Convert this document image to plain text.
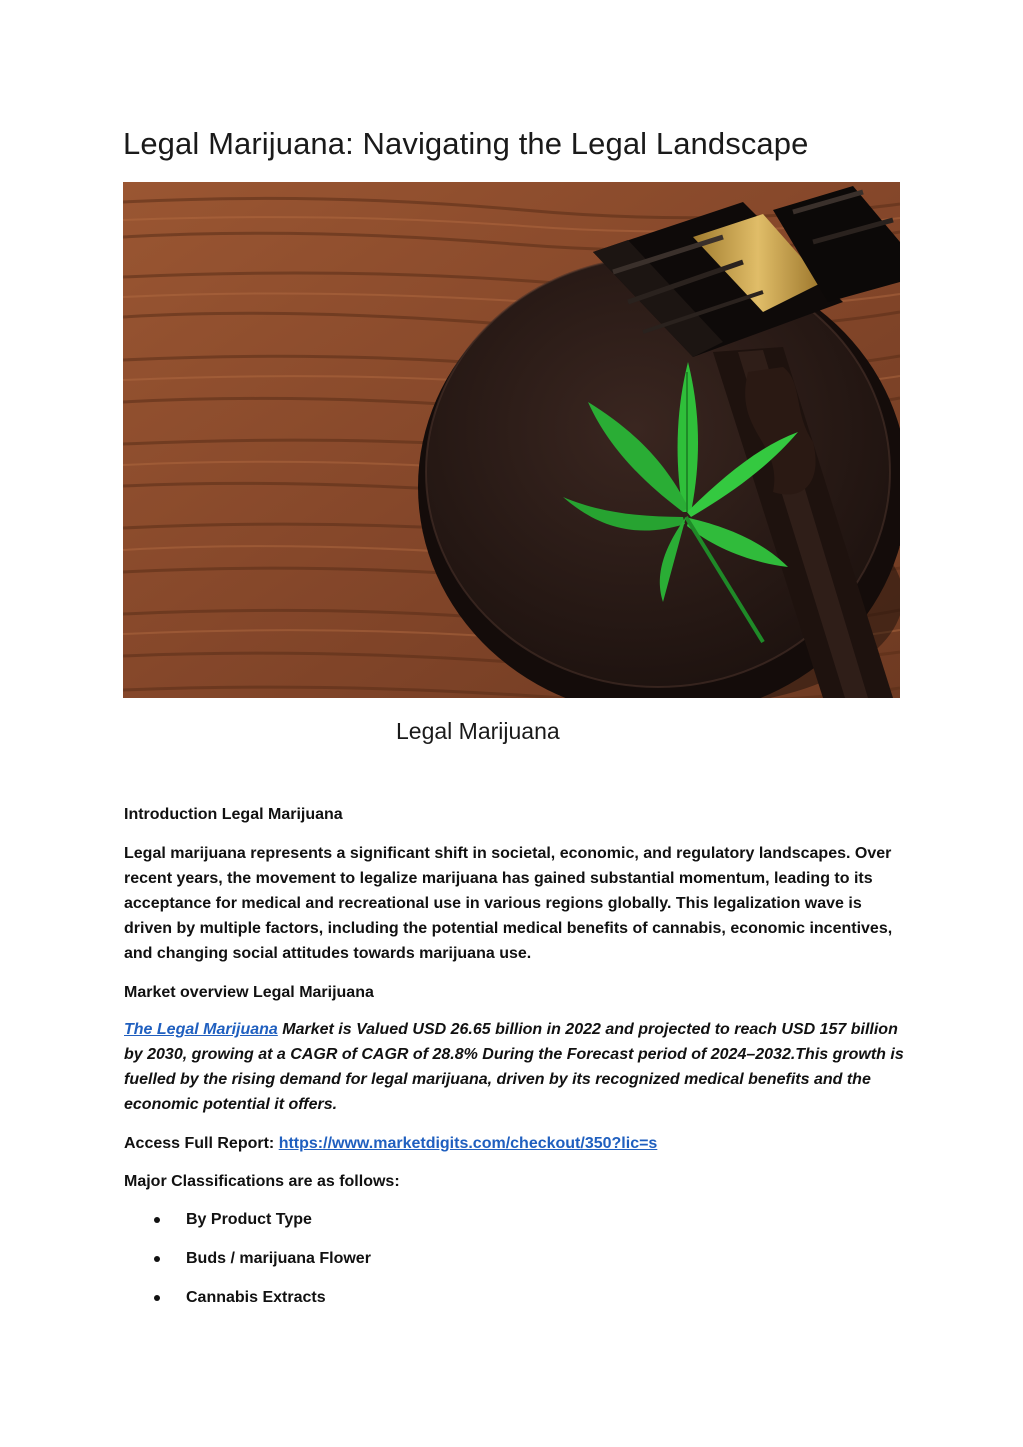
Legal Marijuana: Navigating the Legal Landscape
Legal Marijuana
Introduction Legal Marijuana
Legal marijuana represents a significant shift in societal, economic, and regulatory landscapes. Over recent years, the movement to legalize marijuana has gained substantial momentum, leading to its acceptance for medical and recreational use in various regions globally. This legalization wave is driven by multiple factors, including the potential medical benefits of cannabis, economic incentives, and changing social attitudes towards marijuana use.
Market overview Legal Marijuana
The Legal Marijuana Market is Valued USD 26.65 billion in 2022 and projected to reach USD 157 billion by 2030, growing at a CAGR of CAGR of 28.8% During the Forecast period of 2024–2032.This growth is fuelled by the rising demand for legal marijuana, driven by its recognized medical benefits and the economic potential it offers.
Access Full Report: https://www.marketdigits.com/checkout/350?lic=s
Major Classifications are as follows:
By Product Type
Buds / marijuana Flower
Cannabis Extracts
